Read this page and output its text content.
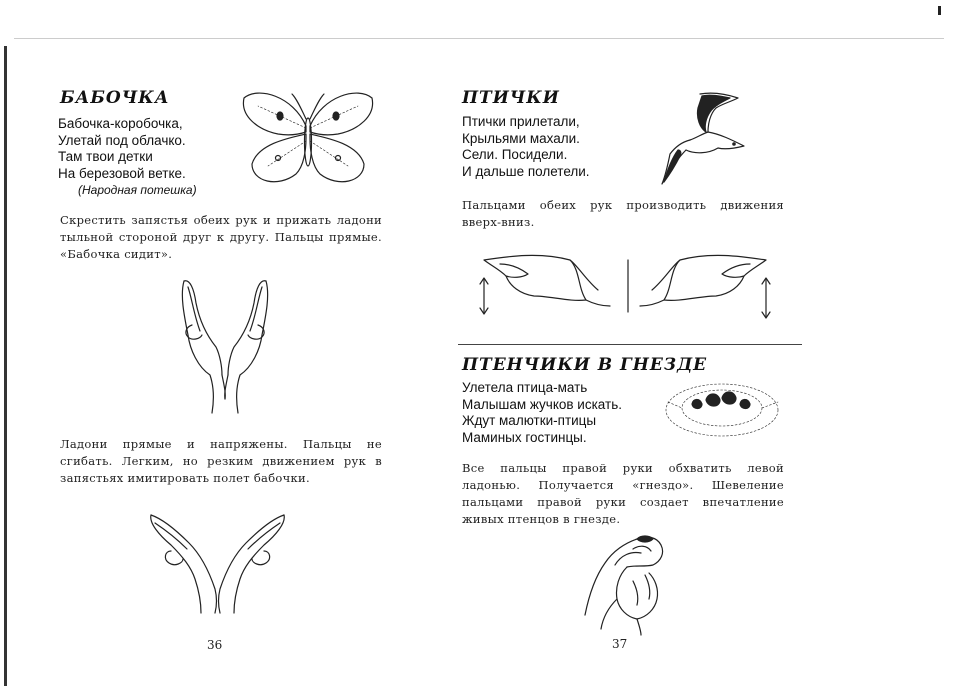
БАБОЧКА
Бабочка-коробочка,
Улетай под облачко.
Там твои детки
На березовой ветке.
(Народная потешка)
Скрестить запястья обеих рук и прижать ладони тыльной стороной друг к другу. Пальцы прямые. «Бабочка сидит».
Ладони прямые и напряжены. Пальцы не сгибать. Легким, но резким движением рук в запястьях имитировать полет бабочки.
36
ПТИЧКИ
Птички прилетали,
Крыльями махали.
Сели. Посидели.
И дальше полетели.
Пальцами обеих рук производить движения вверх-вниз.
ПТЕНЧИКИ В ГНЕЗДЕ
Улетела птица-мать
Малышам жучков искать.
Ждут малютки-птицы
Маминых гостинцы.
Все пальцы правой руки обхватить левой ладонью. Получается «гнездо». Шевеление пальцами правой руки создает впечатление живых птенцов в гнезде.
37
